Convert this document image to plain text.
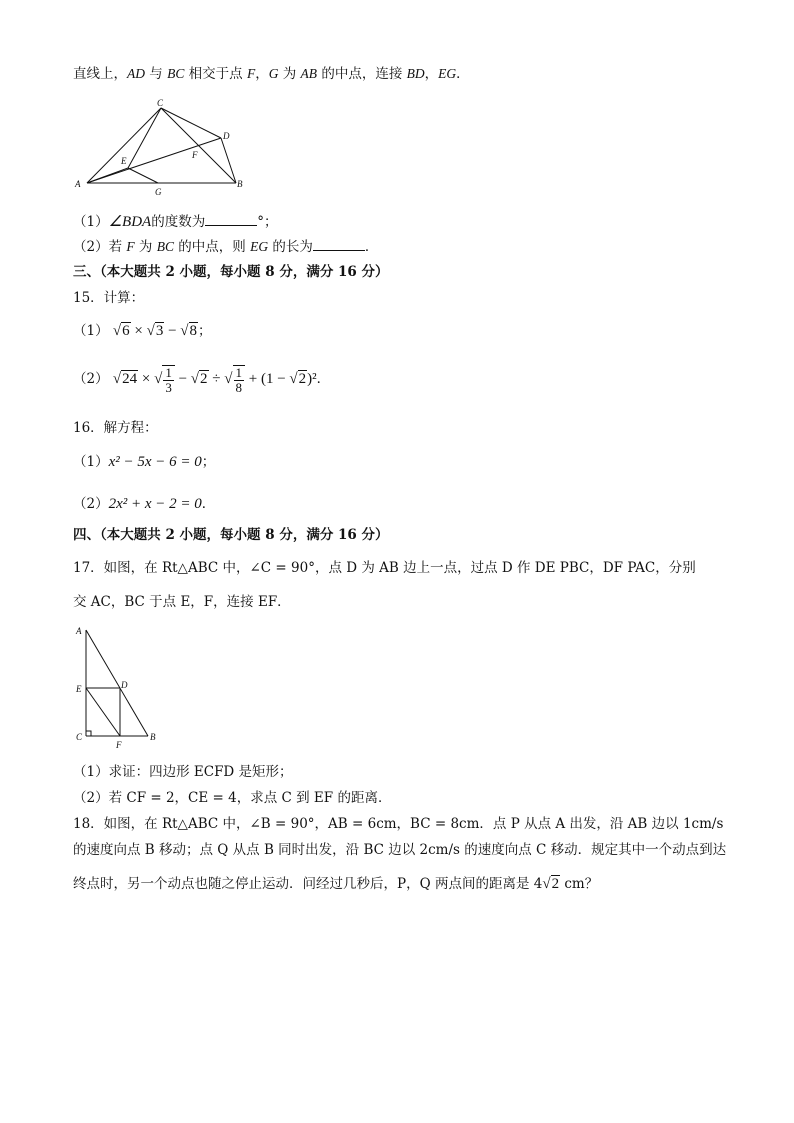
直线上，AD 与 BC 相交于点 F，G 为 AB 的中点，连接 BD，EG．
C
D
E
F
A
G
B
（1）∠BDA的度数为	°；
（2）若 F 为 BC 的中点，则 EG 的长为	．
三、（本大题共 2 小题，每小题 8 分，满分 16 分）
15．计算：
（1） √6 × √3 − √8；
（2） √24 × √ $\frac{1}{3} - √2$ ÷ √ $\frac{1}{8} + (1 - √2)^2$．
16．解方程：
（1）x² − 5x − 6 = 0；
（2）2x² + x − 2 = 0．
四、（本大题共 2 小题，每小题 8 分，满分 16 分）
17．如图，在 Rt△ABC 中，∠C = 90°，点 D 为 AB 边上一点，过点 D 作 DE PBC，DF PAC，分别
交 AC，BC 于点 E，F，连接 EF．
A
E	D
C
F
B
（1）求证：四边形 ECFD 是矩形；
（2）若 CF = 2，CE = 4，求点 C 到 EF 的距离．
18．如图，在 Rt△ABC 中，∠B = 90°，AB = 6cm，BC = 8cm．点 P 从点 A 出发，沿 AB 边以 1cm/s
的速度向点 B 移动；点 Q 从点 B 同时出发，沿 BC 边以 2cm/s 的速度向点 C 移动．规定其中一个动点到达
终点时，另一个动点也随之停止运动．问经过几秒后，P，Q 两点间的距离是 4√2 cm？
